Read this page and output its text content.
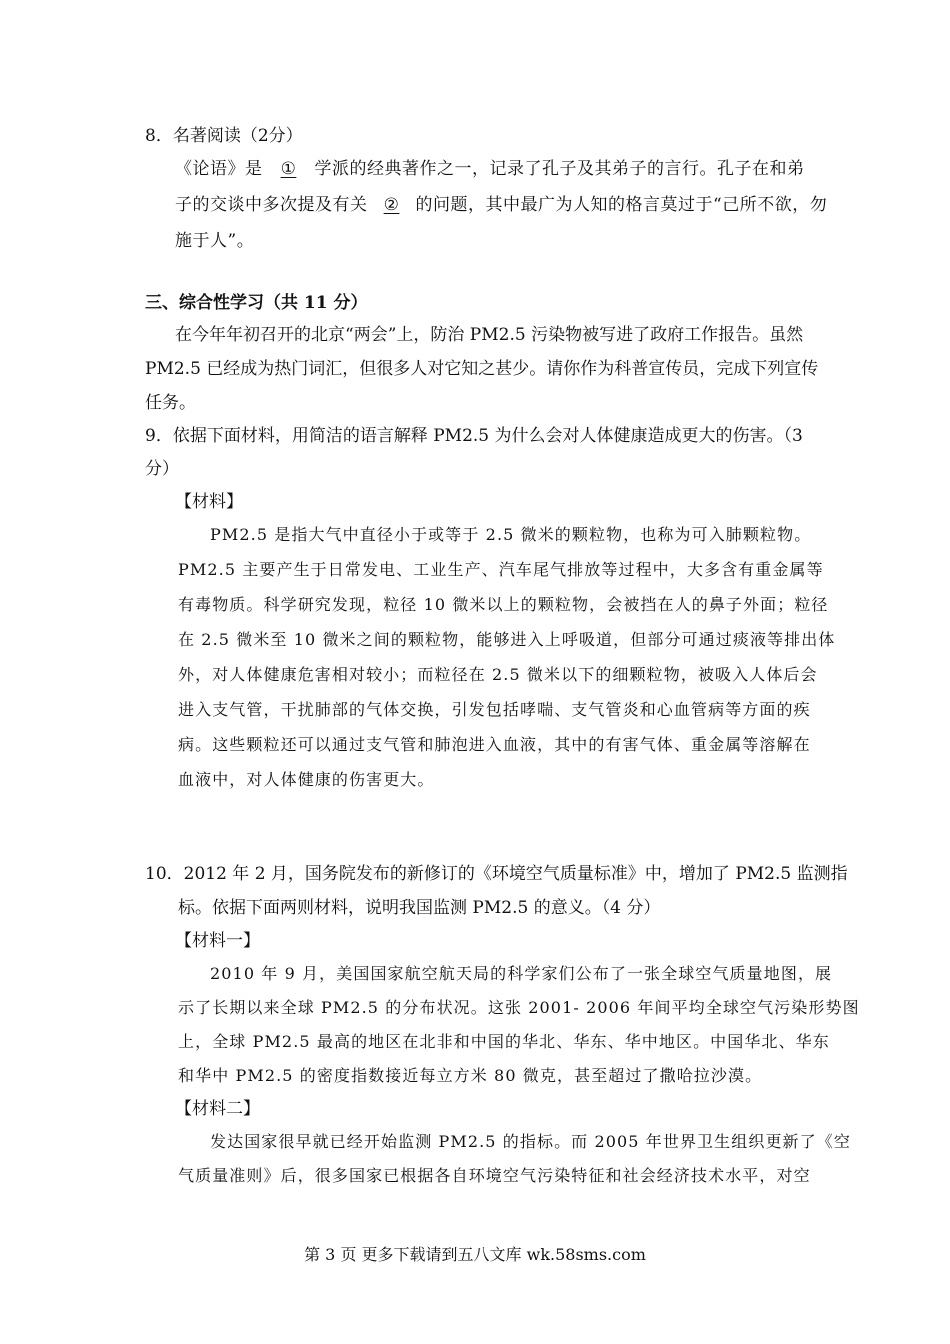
8．名著阅读（2分）
《论语》是 ① 学派的经典著作之一，记录了孔子及其弟子的言行。孔子在和弟
子的交谈中多次提及有关 ② 的问题，其中最广为人知的格言莫过于“己所不欲，勿
施于人”。
三、综合性学习（共 11 分）
在今年年初召开的北京“两会”上，防治 PM2.5 污染物被写进了政府工作报告。虽然
PM2.5 已经成为热门词汇，但很多人对它知之甚少。请你作为科普宣传员，完成下列宣传
任务。
9．依据下面材料，用简洁的语言解释 PM2.5 为什么会对人体健康造成更大的伤害。（3
分）
【材料】
PM2.5 是指大气中直径小于或等于 2.5 微米的颗粒物，也称为可入肺颗粒物。
PM2.5 主要产生于日常发电、工业生产、汽车尾气排放等过程中，大多含有重金属等
有毒物质。科学研究发现，粒径 10 微米以上的颗粒物，会被挡在人的鼻子外面；粒径
在 2.5 微米至 10 微米之间的颗粒物，能够进入上呼吸道，但部分可通过痰液等排出体
外，对人体健康危害相对较小；而粒径在 2.5 微米以下的细颗粒物，被吸入人体后会
进入支气管，干扰肺部的气体交换，引发包括哮喘、支气管炎和心血管病等方面的疾
病。这些颗粒还可以通过支气管和肺泡进入血液，其中的有害气体、重金属等溶解在
血液中，对人体健康的伤害更大。
10．2012 年 2 月，国务院发布的新修订的《环境空气质量标准》中，增加了 PM2.5 监测指
标。依据下面两则材料，说明我国监测 PM2.5 的意义。（4 分）
【材料一】
2010 年 9 月，美国国家航空航天局的科学家们公布了一张全球空气质量地图，展
示了长期以来全球 PM2.5 的分布状况。这张 2001- 2006 年间平均全球空气污染形势图
上，全球 PM2.5 最高的地区在北非和中国的华北、华东、华中地区。中国华北、华东
和华中 PM2.5 的密度指数接近每立方米 80 微克，甚至超过了撒哈拉沙漠。
【材料二】
发达国家很早就已经开始监测 PM2.5 的指标。而 2005 年世界卫生组织更新了《空
气质量准则》后，很多国家已根据各自环境空气污染特征和社会经济技术水平，对空
第 3 页 更多下载请到五八文库 wk.58sms.com
